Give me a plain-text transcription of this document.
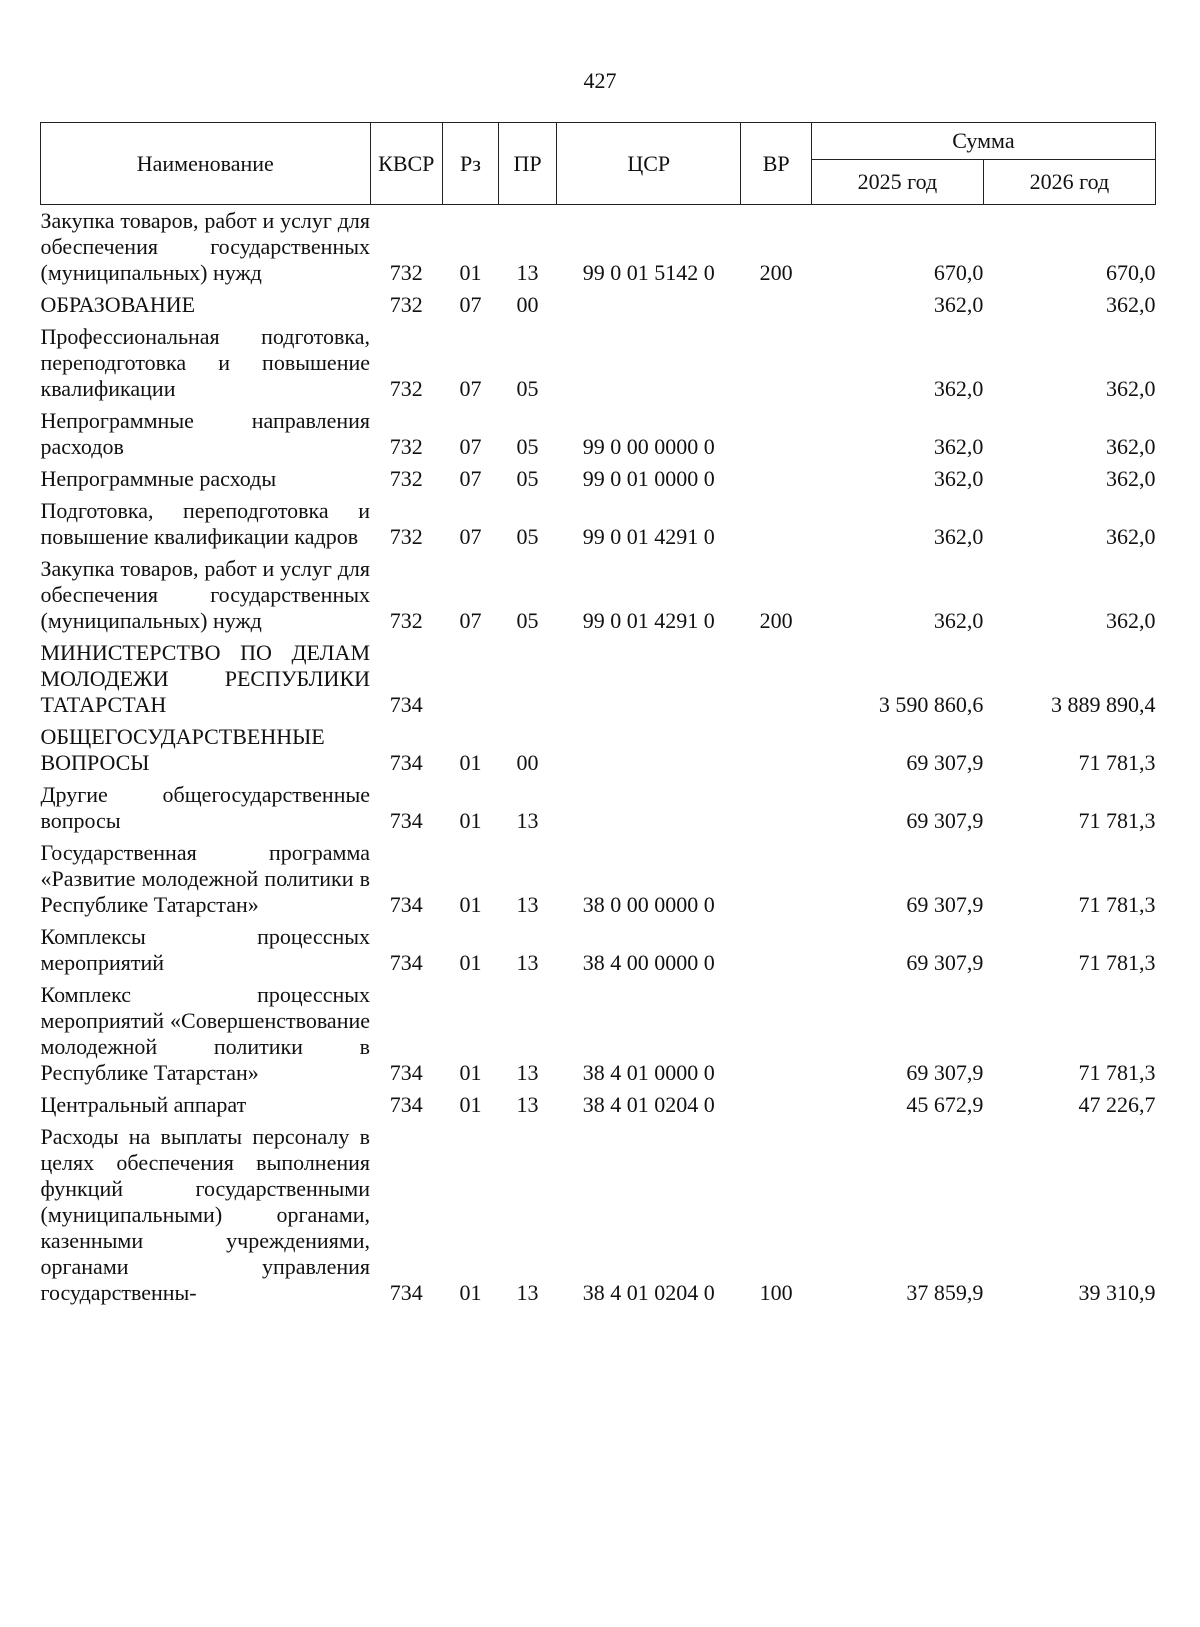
427
Наименование	КВСР	Рз	ПР	ЦСР	ВР	Сумма	
						2025 год	2026 год
Закупка товаров, работ и услуг для обеспечения государственных (муниципальных) нужд	732	01	13	99 0 01 5142 0	200	670,0	670,0
ОБРАЗОВАНИЕ	732	07	00			362,0	362,0
Профессиональная подготовка, переподготовка и повышение квалификации	732	07	05			362,0	362,0
Непрограммные направления расходов	732	07	05	99 0 00 0000 0		362,0	362,0
Непрограммные расходы	732	07	05	99 0 01 0000 0		362,0	362,0
Подготовка, переподготовка и повышение квалификации кадров	732	07	05	99 0 01 4291 0		362,0	362,0
Закупка товаров, работ и услуг для обеспечения государственных (муниципальных) нужд	732	07	05	99 0 01 4291 0	200	362,0	362,0
МИНИСТЕРСТВО ПО ДЕЛАМ МОЛОДЕЖИ РЕСПУБЛИКИ ТАТАРСТАН	734					3 590 860,6	3 889 890,4
ОБЩЕГОСУДАРСТВЕННЫЕ ВОПРОСЫ	734	01	00			69 307,9	71 781,3
Другие общегосударственные вопросы	734	01	13			69 307,9	71 781,3
Государственная программа «Развитие молодежной политики в Республике Татарстан»	734	01	13	38 0 00 0000 0		69 307,9	71 781,3
Комплексы процессных мероприятий	734	01	13	38 4 00 0000 0		69 307,9	71 781,3
Комплекс процессных мероприятий «Совершенствование молодежной политики в Республике Татарстан»	734	01	13	38 4 01 0000 0		69 307,9	71 781,3
Центральный аппарат	734	01	13	38 4 01 0204 0		45 672,9	47 226,7
Расходы на выплаты персоналу в целях обеспечения выполнения функций государственными (муниципальными) органами, казенными учреждениями, органами управления государственны-	734	01	13	38 4 01 0204 0	100	37 859,9	39 310,9
